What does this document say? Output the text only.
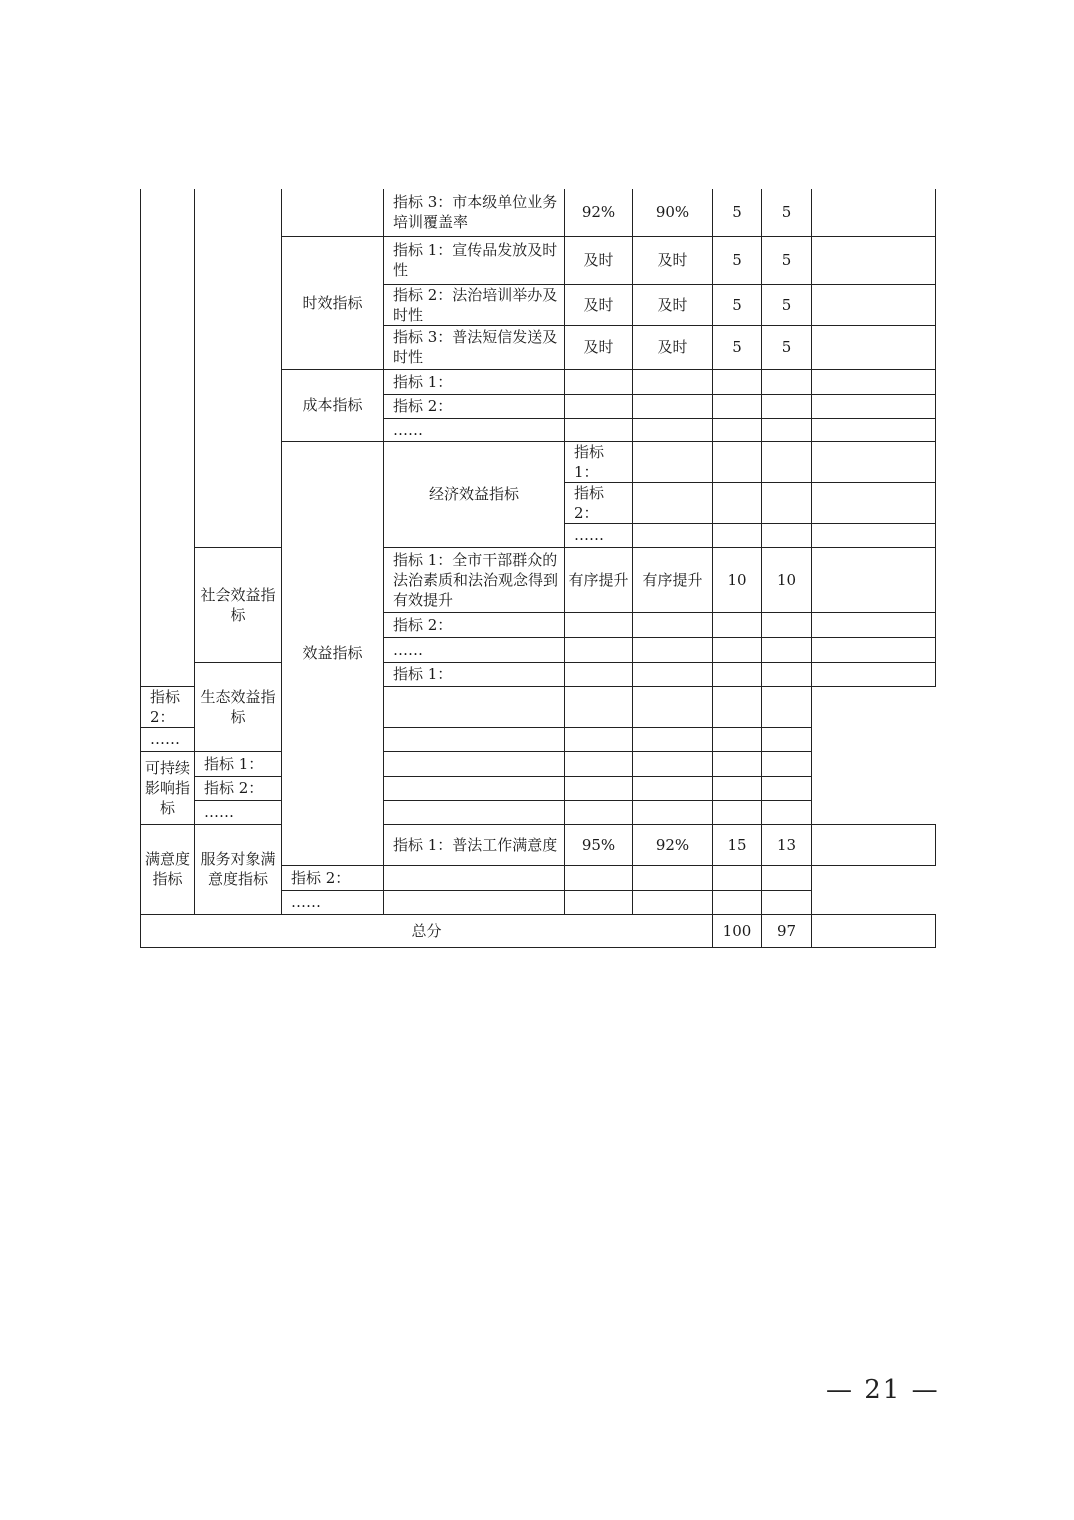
			指标 3：市本级单位业务培训覆盖率	92%	90%	5	5		
		时效指标	指标 1：宣传品发放及时性	及时	及时	5	5		
			指标 2：法治培训举办及时性	及时	及时	5	5		
			指标 3：普法短信发送及时性	及时	及时	5	5		
		成本指标	指标 1：						
			指标 2：						
			……						
		效益指标	经济效益指标	指标 1：					
				指标 2：					
				……					
	社会效益指标		指标 1：全市干部群众的法治素质和法治观念得到有效提升	有序提升	有序提升	10	10		
			指标 2：						
			……						
	生态效益指标		指标 1：						
指标 2：									
……									
可持续影响指标	指标 1：								
	指标 2：								
	……								
满意度指标	服务对象满意度指标		指标 1：普法工作满意度	95%	92%	15	13		
		指标 2：							
		……							
总分						100	97		
— 21 —
